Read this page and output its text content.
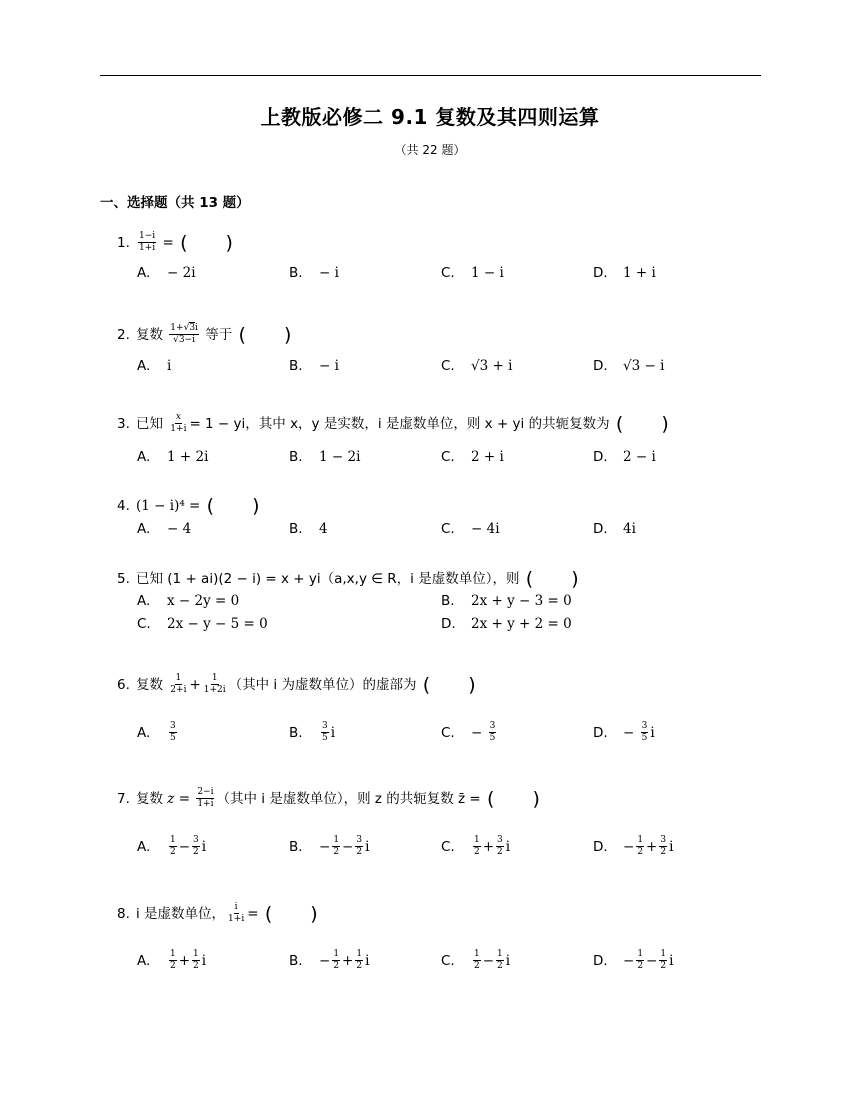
上教版必修二 9.1 复数及其四则运算
（共 22 题）
一、选择题（共 13 题）
1. $\frac{1-i}{1+i}$ = ( )
A. − 2i	B. − i	C. 1 − i	D. 1 + i
2. 复数 $\frac{1+√3i}{√3-i}$ 等于 ( )
A. i	B. − i	C. √3 + i	D. √3 − i
3. 已知 $\frac{x}{1+i} = 1$ − yi，其中 x，y 是实数，i 是虚数单位，则 x + yi 的共轭复数为 ( )
A. 1 + 2i	B. 1 − 2i	C. 2 + i	D. 2 − i
4. (1 − i)⁴ = ( )
A. − 4	B. 4	C. − 4i	D. 4i
5. 已知 (1 + ai)(2 − i) = x + yi（a,x,y ∈ R，i 是虚数单位），则 ( )
A. x − 2y = 0	B. 2x + y − 3 = 0
C. 2x − y − 5 = 0	D. 2x + y + 2 = 0
6. 复数 $\frac{1}{2+i} + \frac{1}{1+2i}$ （其中 i 为虚数单位）的虚部为 ( )
A. $\frac{3}{5}$	B. $\frac{3}{5}$ i	C. − $\frac{3}{5}$	D. − $\frac{3}{5}$ i
7. 复数 $z = \frac{2-i}{1+i}$ （其中 i 是虚数单位），则 z 的共轭复数 z̄ = ( )
A. $\frac{1}{2} - \frac{3}{2}$ i	B. − $\frac{1}{2} - \frac{3}{2}$ i	C. $\frac{1}{2} + \frac{3}{2}$ i	D. − $\frac{1}{2} + \frac{3}{2}$ i
8. i 是虚数单位， $\frac{i}{1+i}$ = ( )
A. $\frac{1}{2} + \frac{1}{2}$ i	B. − $\frac{1}{2} + \frac{1}{2}$ i	C. $\frac{1}{2} - \frac{1}{2}$ i	D. − $\frac{1}{2} - \frac{1}{2}$ i
